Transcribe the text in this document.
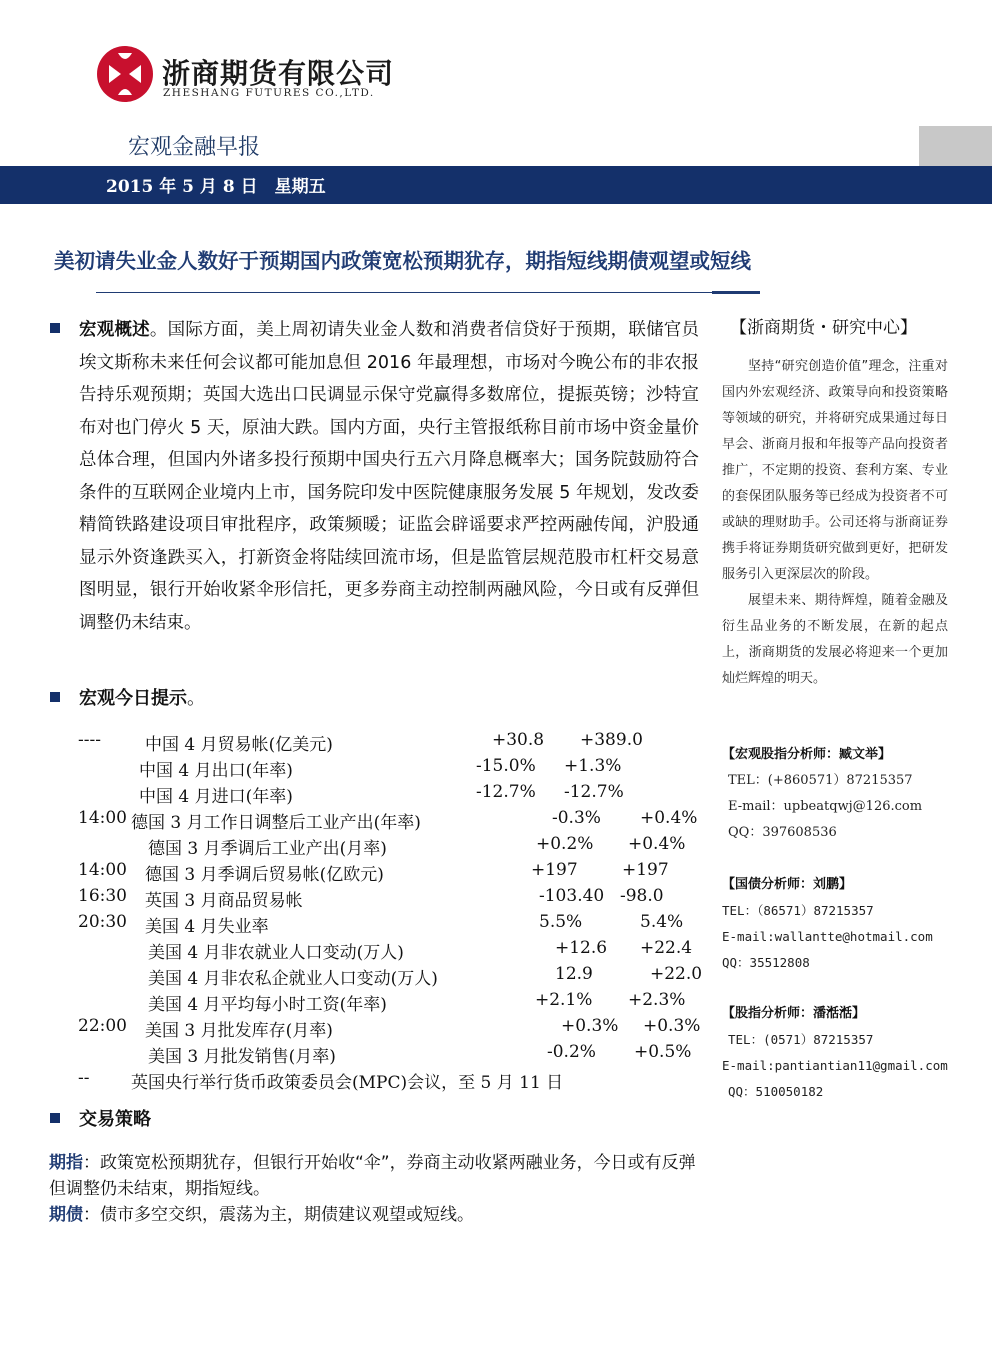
浙商期货有限公司
ZHESHANG FUTURES CO.,LTD.
宏观金融早报
2015 年 5 月 8 日　星期五
美初请失业金人数好于预期国内政策宽松预期犹存，期指短线期债观望或短线
宏观概述。国际方面，美上周初请失业金人数和消费者信贷好于预期，联储官员埃文斯称未来任何会议都可能加息但 2016 年最理想，市场对今晚公布的非农报告持乐观预期；英国大选出口民调显示保守党赢得多数席位，提振英镑；沙特宣布对也门停火 5 天，原油大跌。国内方面，央行主管报纸称目前市场中资金量价总体合理，但国内外诸多投行预期中国央行五六月降息概率大；国务院鼓励符合条件的互联网企业境内上市，国务院印发中医院健康服务发展 5 年规划，发改委精简铁路建设项目审批程序，政策频暖；证监会辟谣要求严控两融传闻，沪股通显示外资逢跌买入，打新资金将陆续回流市场，但是监管层规范股市杠杆交易意图明显，银行开始收紧伞形信托，更多券商主动控制两融风险，今日或有反弹但调整仍未结束。
宏观今日提示。
----	中国 4 月贸易帐(亿美元)	+30.8 +389.0
中国 4 月出口(年率)	-15.0% +1.3%
中国 4 月进口(年率)	-12.7% -12.7%
14:00 德国 3 月工作日调整后工业产出(年率)	-0.3% +0.4%
德国 3 月季调后工业产出(月率)	+0.2% +0.4%
14:00 德国 3 月季调后贸易帐(亿欧元)	+197	+197
16:30 英国 3 月商品贸易帐	-103.40 -98.0
20:30 美国 4 月失业率	5.5%	5.4%
美国 4 月非农就业人口变动(万人)	+12.6 +22.4
美国 4 月非农私企就业人口变动(万人)	12.9	+22.0
美国 4 月平均每小时工资(年率)	+2.1% +2.3%
22:00 美国 3 月批发库存(月率)	+0.3% +0.3%
美国 3 月批发销售(月率)	-0.2% +0.5%
-- 英国央行举行货币政策委员会(MPC)会议，至 5 月 11 日
交易策略
期指：政策宽松预期犹存，但银行开始收“伞”，券商主动收紧两融业务，今日或有反弹但调整仍未结束，期指短线。
期债：债市多空交织，震荡为主，期债建议观望或短线。
【浙商期货・研究中心】

坚持“研究创造价值”理念，注重对国内外宏观经济、政策导向和投资策略等领域的研究，并将研究成果通过每日早会、浙商月报和年报等产品向投资者推广，不定期的投资、套利方案、专业的套保团队服务等已经成为投资者不可或缺的理财助手。公司还将与浙商证券携手将证券期货研究做到更好，把研发服务引入更深层次的阶段。

展望未来、期待辉煌，随着金融及衍生品业务的不断发展，在新的起点上，浙商期货的发展必将迎来一个更加灿烂辉煌的明天。

【宏观股指分析师：臧文举】
TEL：(+860571）87215357
E-mail：upbeatqwj@126.com
QQ：397608536
【国债分析师：刘鹏】
TEL：（86571）87215357
E-mail:wallantte@hotmail.com
QQ：35512808
【股指分析师：潘湉湉】
TEL：(0571）87215357
E-mail:pantiantian11@gmail.com
QQ：510050182
